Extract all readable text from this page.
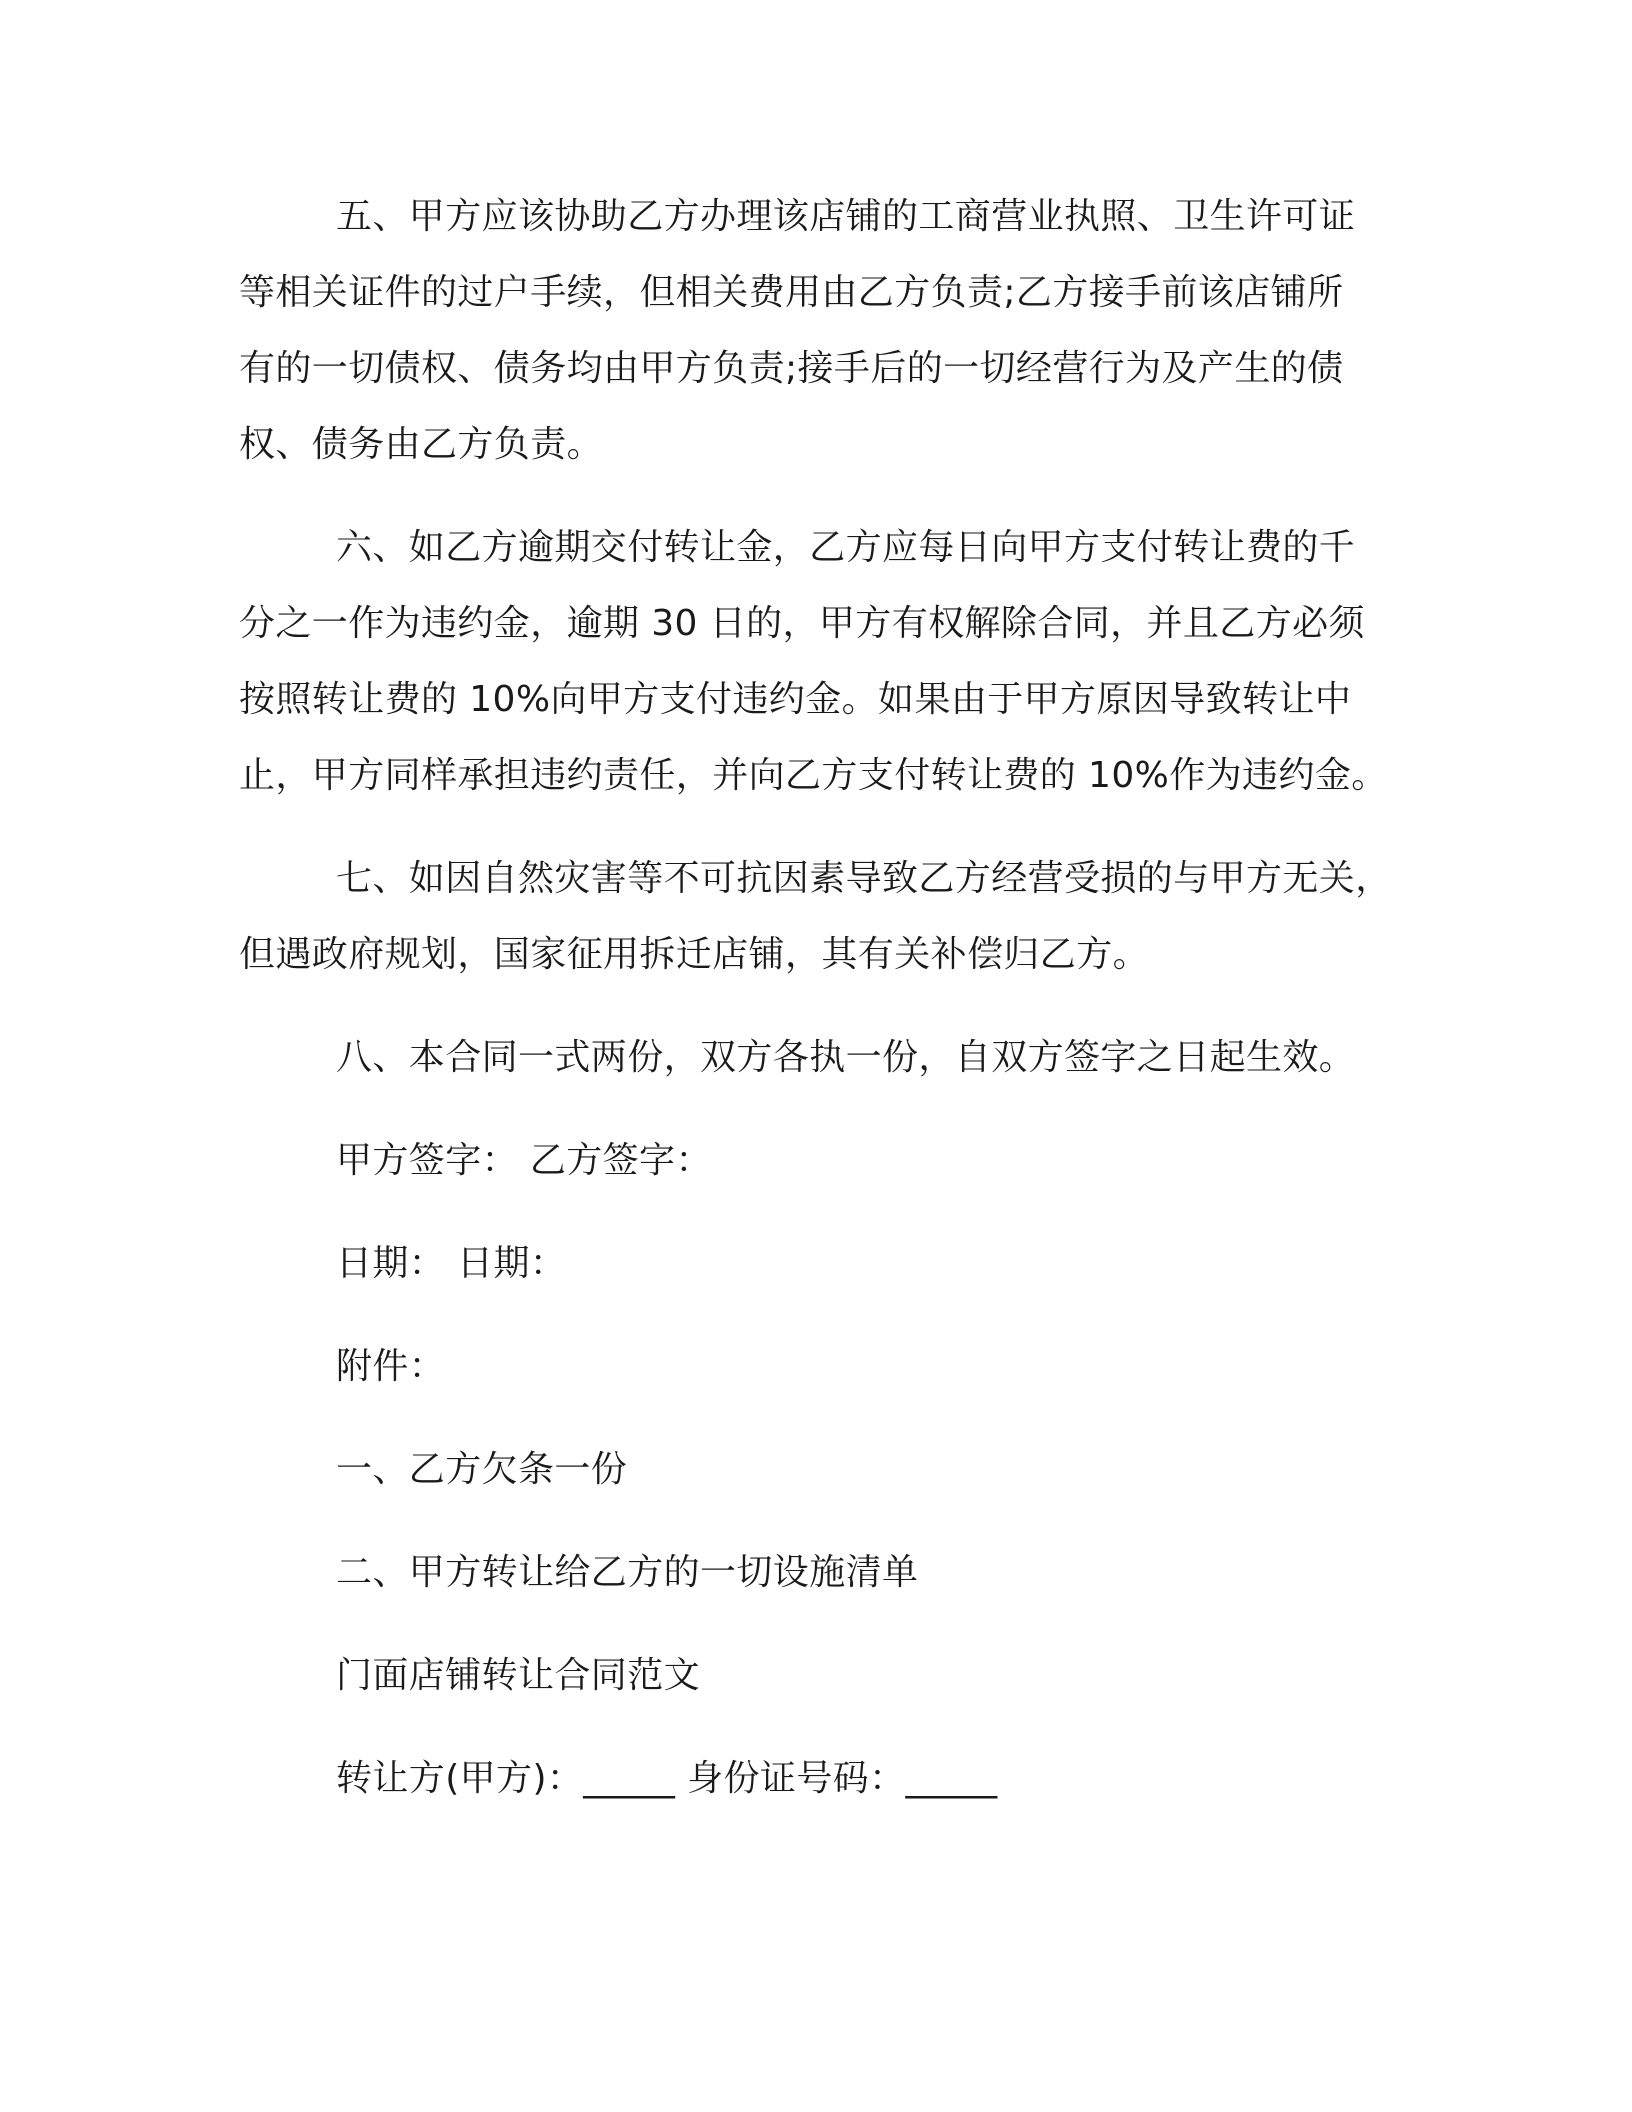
五、甲方应该协助乙方办理该店铺的工商营业执照、卫生许可证
等相关证件的过户手续，但相关费用由乙方负责;乙方接手前该店铺所
有的一切债权、债务均由甲方负责;接手后的一切经营行为及产生的债
权、债务由乙方负责。
六、如乙方逾期交付转让金，乙方应每日向甲方支付转让费的千
分之一作为违约金，逾期 30 日的，甲方有权解除合同，并且乙方必须
按照转让费的 10%向甲方支付违约金。如果由于甲方原因导致转让中
止，甲方同样承担违约责任，并向乙方支付转让费的 10%作为违约金。
七、如因自然灾害等不可抗因素导致乙方经营受损的与甲方无关，
但遇政府规划，国家征用拆迁店铺，其有关补偿归乙方。
八、本合同一式两份，双方各执一份，自双方签字之日起生效。
甲方签字： 乙方签字：
日期： 日期：
附件：
一、乙方欠条一份
二、甲方转让给乙方的一切设施清单
门面店铺转让合同范文
转让方(甲方)：_____ 身份证号码：_____
